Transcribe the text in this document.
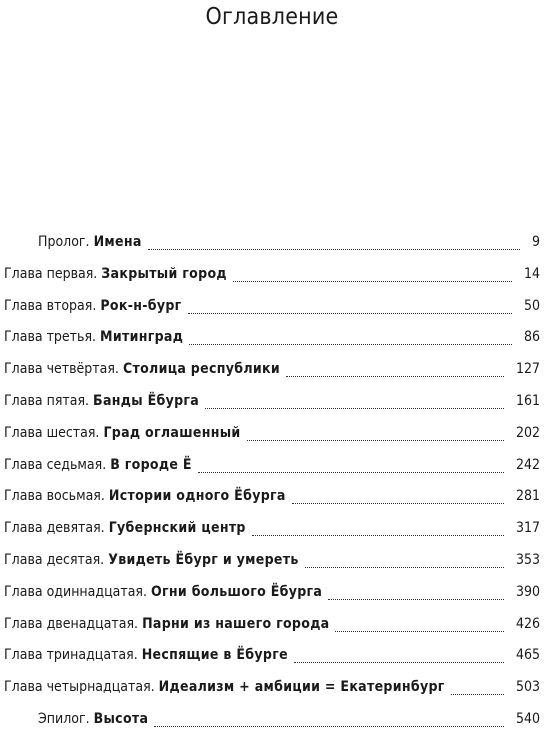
Оглавление
Пролог. Имена	9
Глава первая. Закрытый город	14
Глава вторая. Рок-н-бург	50
Глава третья. Митинград	86
Глава четвёртая. Столица республики	127
Глава пятая. Банды Ёбурга	161
Глава шестая. Град оглашенный	202
Глава седьмая. В городе Ё	242
Глава восьмая. Истории одного Ёбурга	281
Глава девятая. Губернский центр	317
Глава десятая. Увидеть Ёбург и умереть	353
Глава одиннадцатая. Огни большого Ёбурга	390
Глава двенадцатая. Парни из нашего города	426
Глава тринадцатая. Неспящие в Ёбурге	465
Глава четырнадцатая. Идеализм + амбиции = Екатеринбург	503
Эпилог. Высота	540
